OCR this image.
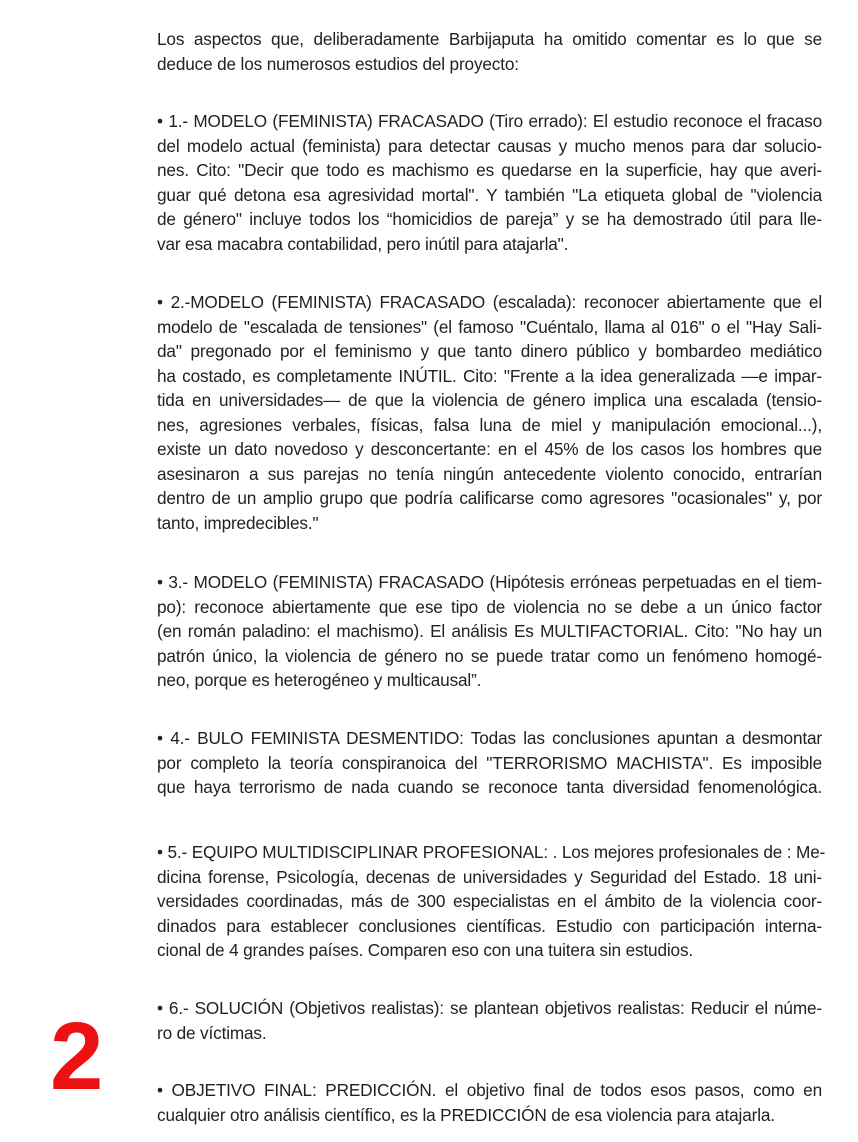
Los aspectos que, deliberadamente Barbijaputa ha omitido comentar es lo que se
deduce de los numerosos estudios del proyecto:
• 1.- MODELO (FEMINISTA) FRACASADO (Tiro errado): El estudio reconoce el fracaso
del modelo actual (feminista) para detectar causas y mucho menos para dar solucio-
nes. Cito: "Decir que todo es machismo es quedarse en la superficie, hay que averi-
guar qué detona esa agresividad mortal". Y también "La etiqueta global de "violencia
de género" incluye todos los “homicidios de pareja” y se ha demostrado útil para lle-
var esa macabra contabilidad, pero inútil para atajarla".
• 2.-MODELO (FEMINISTA) FRACASADO (escalada): reconocer abiertamente que el
modelo de "escalada de tensiones" (el famoso "Cuéntalo, llama al 016" o el "Hay Sali-
da" pregonado por el feminismo y que tanto dinero público y bombardeo mediático
ha costado, es completamente INÚTIL. Cito: "Frente a la idea generalizada —e impar-
tida en universidades— de que la violencia de género implica una escalada (tensio-
nes, agresiones verbales, físicas, falsa luna de miel y manipulación emocional...),
existe un dato novedoso y desconcertante: en el 45% de los casos los hombres que
asesinaron a sus parejas no tenía ningún antecedente violento conocido, entrarían
dentro de un amplio grupo que podría calificarse como agresores "ocasionales" y, por
tanto, impredecibles."
• 3.- MODELO (FEMINISTA) FRACASADO (Hipótesis erróneas perpetuadas en el tiem-
po): reconoce abiertamente que ese tipo de violencia no se debe a un único factor
(en román paladino: el machismo). El análisis Es MULTIFACTORIAL. Cito: "No hay un
patrón único, la violencia de género no se puede tratar como un fenómeno homogé-
neo, porque es heterogéneo y multicausal”.
• 4.- BULO FEMINISTA DESMENTIDO: Todas las conclusiones apuntan a desmontar
por completo la teoría conspiranoica del "TERRORISMO MACHISTA". Es imposible
que haya terrorismo de nada cuando se reconoce tanta diversidad fenomenológica.
• 5.- EQUIPO MULTIDISCIPLINAR PROFESIONAL: . Los mejores profesionales de : Me-
dicina forense, Psicología, decenas de universidades y Seguridad del Estado. 18 uni-
versidades coordinadas, más de 300 especialistas en el ámbito de la violencia coor-
dinados para establecer conclusiones científicas. Estudio con participación interna-
cional de 4 grandes países. Comparen eso con una tuitera sin estudios.
• 6.- SOLUCIÓN (Objetivos realistas): se plantean objetivos realistas: Reducir el núme-
ro de víctimas.
• OBJETIVO FINAL: PREDICCIÓN. el objetivo final de todos esos pasos, como en
cualquier otro análisis científico, es la PREDICCIÓN de esa violencia para atajarla.
2
